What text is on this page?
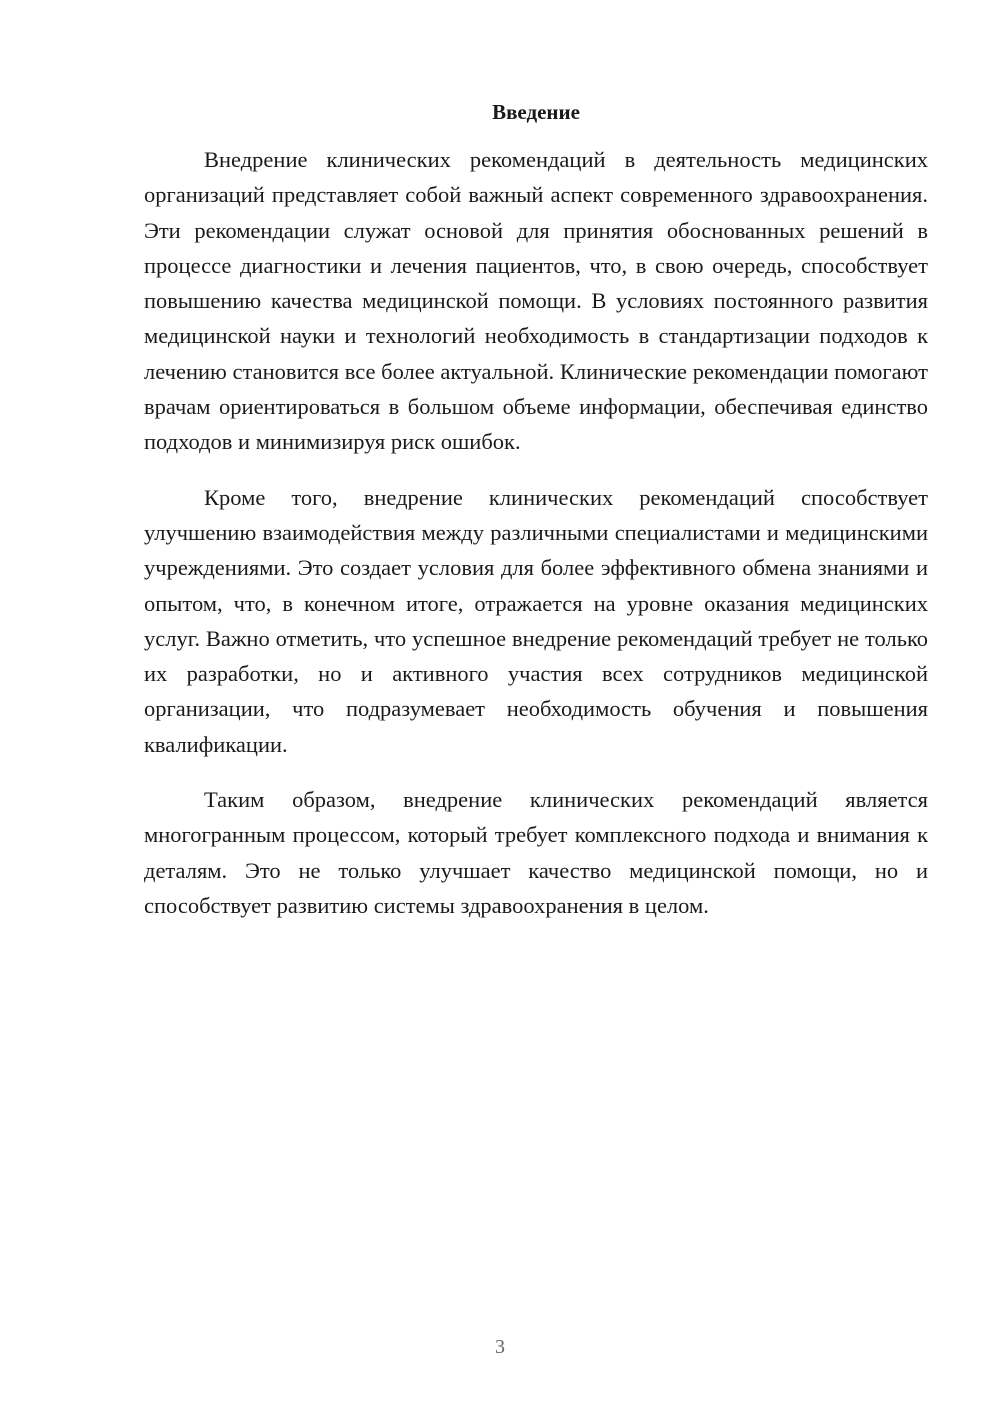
Введение

Внедрение клинических рекомендаций в деятельность медицинских организаций представляет собой важный аспект современного здравоохранения. Эти рекомендации служат основой для принятия обоснованных решений в процессе диагностики и лечения пациентов, что, в свою очередь, способствует повышению качества медицинской помощи. В условиях постоянного развития медицинской науки и технологий необходимость в стандартизации подходов к лечению становится все более актуальной. Клинические рекомендации помогают врачам ориентироваться в большом объеме информации, обеспечивая единство подходов и минимизируя риск ошибок.

Кроме того, внедрение клинических рекомендаций способствует улучшению взаимодействия между различными специалистами и медицинскими учреждениями. Это создает условия для более эффективного обмена знаниями и опытом, что, в конечном итоге, отражается на уровне оказания медицинских услуг. Важно отметить, что успешное внедрение рекомендаций требует не только их разработки, но и активного участия всех сотрудников медицинской организации, что подразумевает необходимость обучения и повышения квалификации.

Таким образом, внедрение клинических рекомендаций является многогранным процессом, который требует комплексного подхода и внимания к деталям. Это не только улучшает качество медицинской помощи, но и способствует развитию системы здравоохранения в целом.

3
